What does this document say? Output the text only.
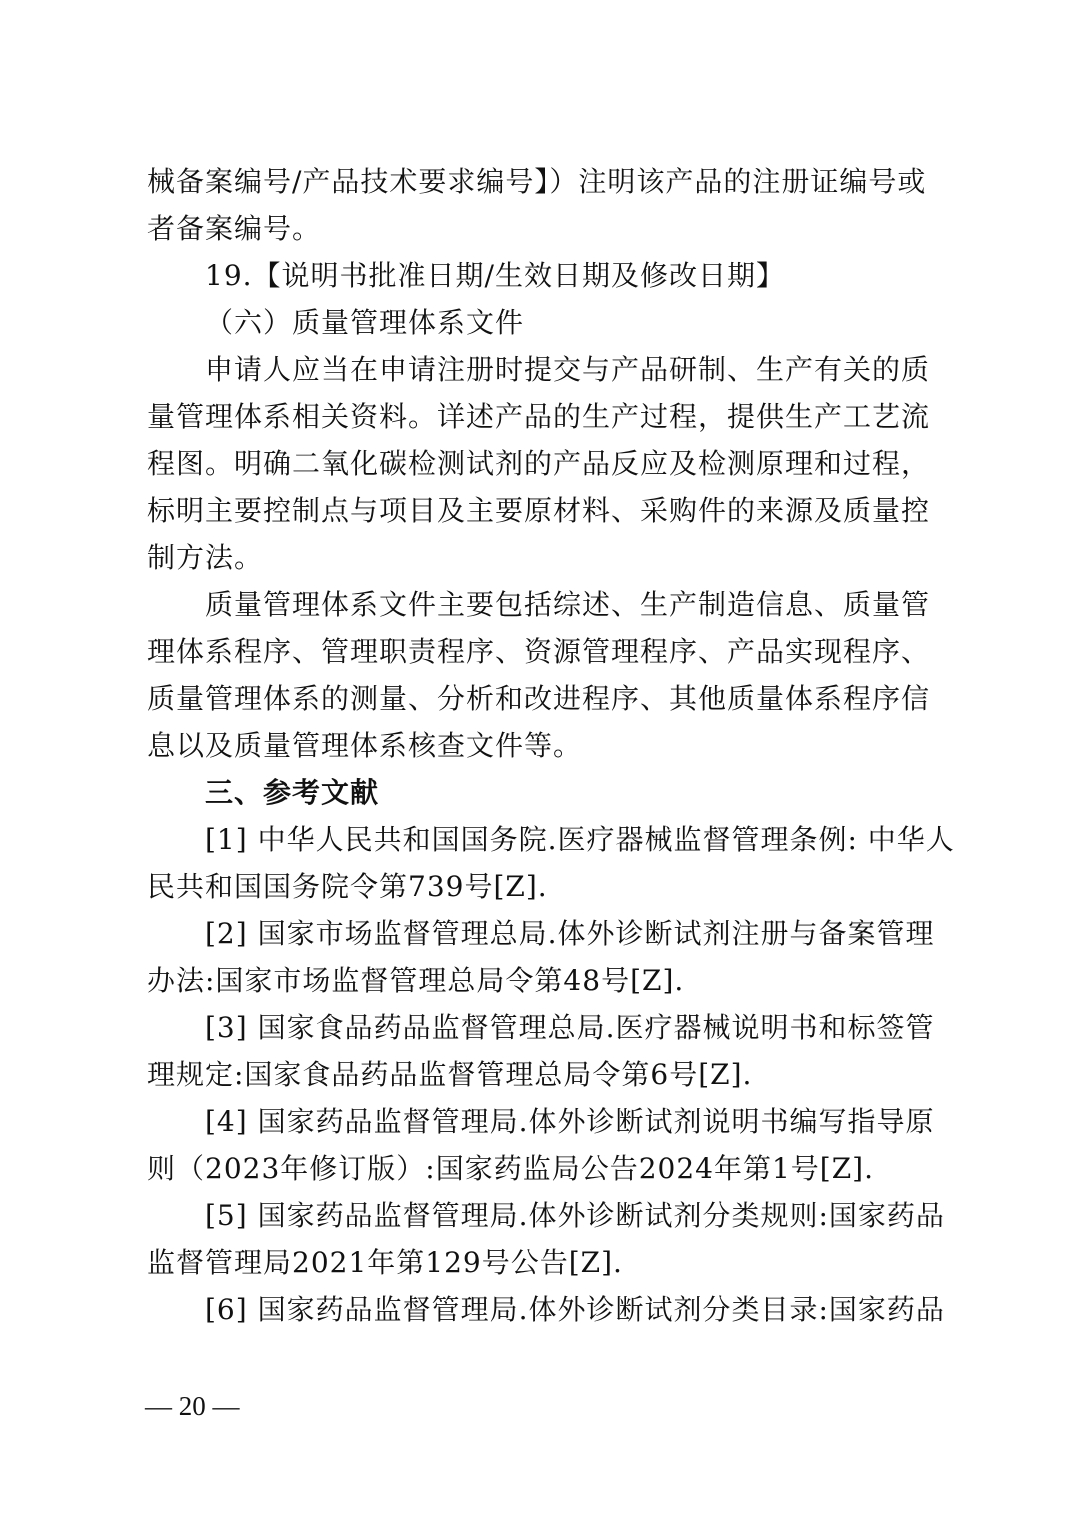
械备案编号/产品技术要求编号】）注明该产品的注册证编号或
者备案编号。
19.【说明书批准日期/生效日期及修改日期】
（六）质量管理体系文件
申请人应当在申请注册时提交与产品研制、生产有关的质
量管理体系相关资料。详述产品的生产过程，提供生产工艺流
程图。明确二氧化碳检测试剂的产品反应及检测原理和过程，
标明主要控制点与项目及主要原材料、采购件的来源及质量控
制方法。
质量管理体系文件主要包括综述、生产制造信息、质量管
理体系程序、管理职责程序、资源管理程序、产品实现程序、
质量管理体系的测量、分析和改进程序、其他质量体系程序信
息以及质量管理体系核查文件等。
三、参考文献
[1] 中华人民共和国国务院.医疗器械监督管理条例: 中华人
民共和国国务院令第739号[Z].
[2] 国家市场监督管理总局.体外诊断试剂注册与备案管理
办法:国家市场监督管理总局令第48号[Z].
[3] 国家食品药品监督管理总局.医疗器械说明书和标签管
理规定:国家食品药品监督管理总局令第6号[Z].
[4] 国家药品监督管理局.体外诊断试剂说明书编写指导原
则（2023年修订版）:国家药监局公告2024年第1号[Z].
[5] 国家药品监督管理局.体外诊断试剂分类规则:国家药品
监督管理局2021年第129号公告[Z].
[6] 国家药品监督管理局.体外诊断试剂分类目录:国家药品
— 20 —
